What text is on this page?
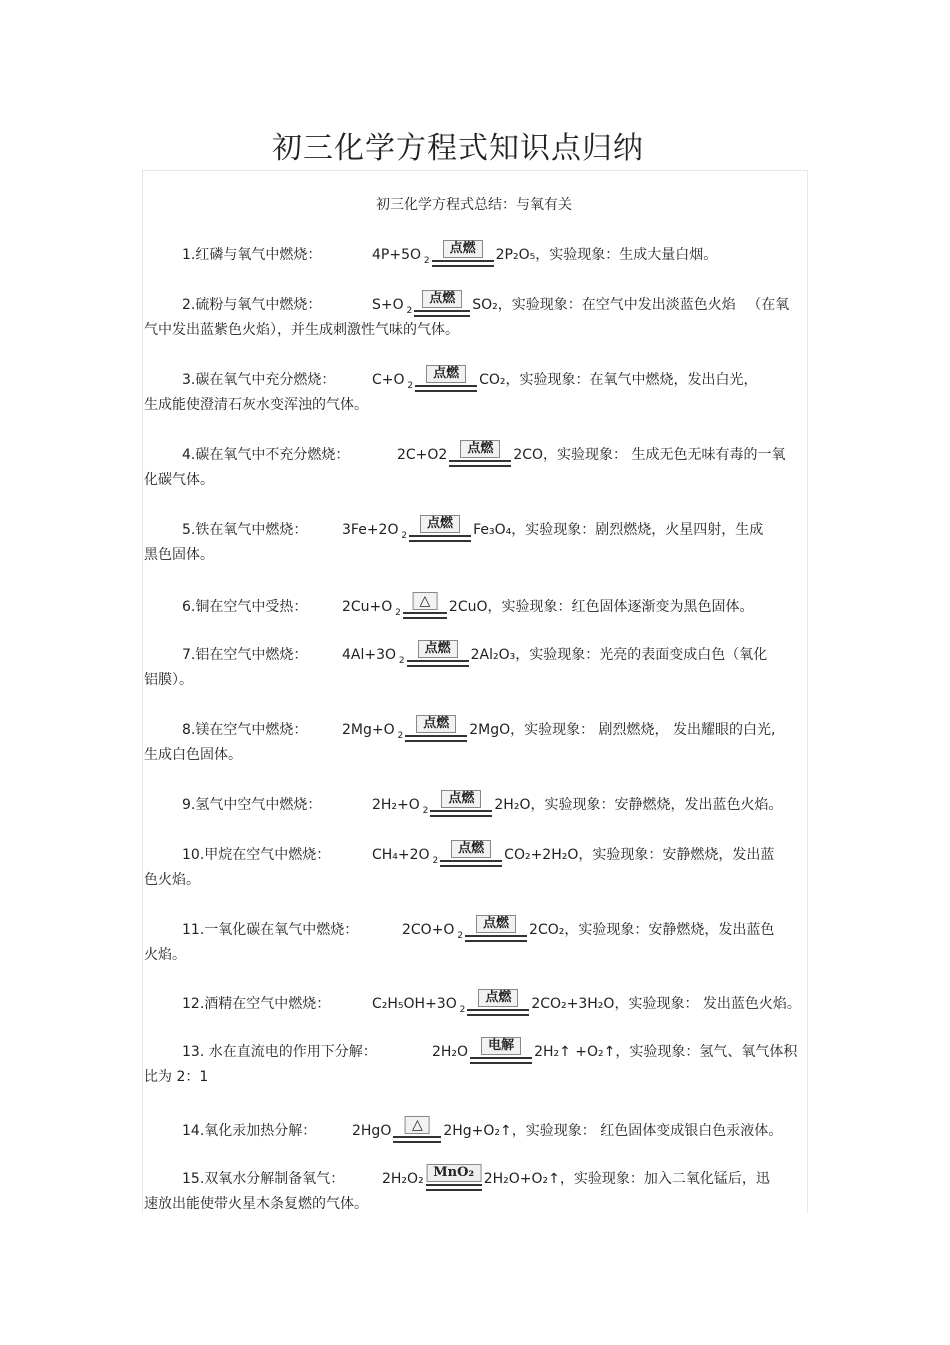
初三化学方程式知识点归纳
初三化学方程式总结：与氧有关
1.红磷与氧气中燃烧：	4P+5O $_2$
点燃	2P₂O₅，实验现象：生成大量白烟。
2.硫粉与氧气中燃烧：	S+O $_2$
点燃	SO₂，实验现象：在空气中发出淡蓝色火焰 　（在氧
气中发出蓝紫色火焰），并生成刺激性气味的气体。
3.碳在氧气中充分燃烧：	C+O $_2$
点燃	CO₂，实验现象：在氧气中燃烧，发出白光，
生成能使澄清石灰水变浑浊的气体。
4.碳在氧气中不充分燃烧：	2C+O2	点燃	2CO，实验现象： 生成无色无味有毒的一氧
化碳气体。
5.铁在氧气中燃烧： 3Fe+2O $_2$
点燃	Fe₃O₄，实验现象：剧烈燃烧，火星四射，生成
黑色固体。
6.铜在空气中受热： 2Cu+O $_2$
△	2CuO，实验现象：红色固体逐渐变为黑色固体。
7.铝在空气中燃烧： 4Al+3O $_2$
点燃	2Al₂O₃，实验现象：光亮的表面变成白色（氧化
铝膜）。
8.镁在空气中燃烧： 2Mg+O $_2$
点燃	2MgO，实验现象： 剧烈燃烧， 发出耀眼的白光,
生成白色固体。
9.氢气中空气中燃烧：	2H₂+O $_2$
点燃	2H₂O，实验现象：安静燃烧，发出蓝色火焰。
10.甲烷在空气中燃烧：	CH₄+2O $_2$
点燃	CO₂+2H₂O，实验现象：安静燃烧，发出蓝
色火焰。
11.一氧化碳在氧气中燃烧：	2CO+O $_2$
点燃	2CO₂，实验现象：安静燃烧，发出蓝色
火焰。
12.酒精在空气中燃烧：	C₂H₅OH+3O $_2$
点燃	2CO₂+3H₂O，实验现象： 发出蓝色火焰。
13. 水在直流电的作用下分解：	2H₂O	电解	2H₂↑ +O₂↑，实验现象：氢气、氧气体积
比为 2：1
14.氧化汞加热分解：	2HgO	△	2Hg+O₂↑，实验现象： 红色固体变成银白色汞液体。
15.双氧水分解制备氧气：	2H₂O₂ MnO₂ 2H₂O+O₂↑，实验现象：加入二氧化锰后，迅
速放出能使带火星木条复燃的气体。
